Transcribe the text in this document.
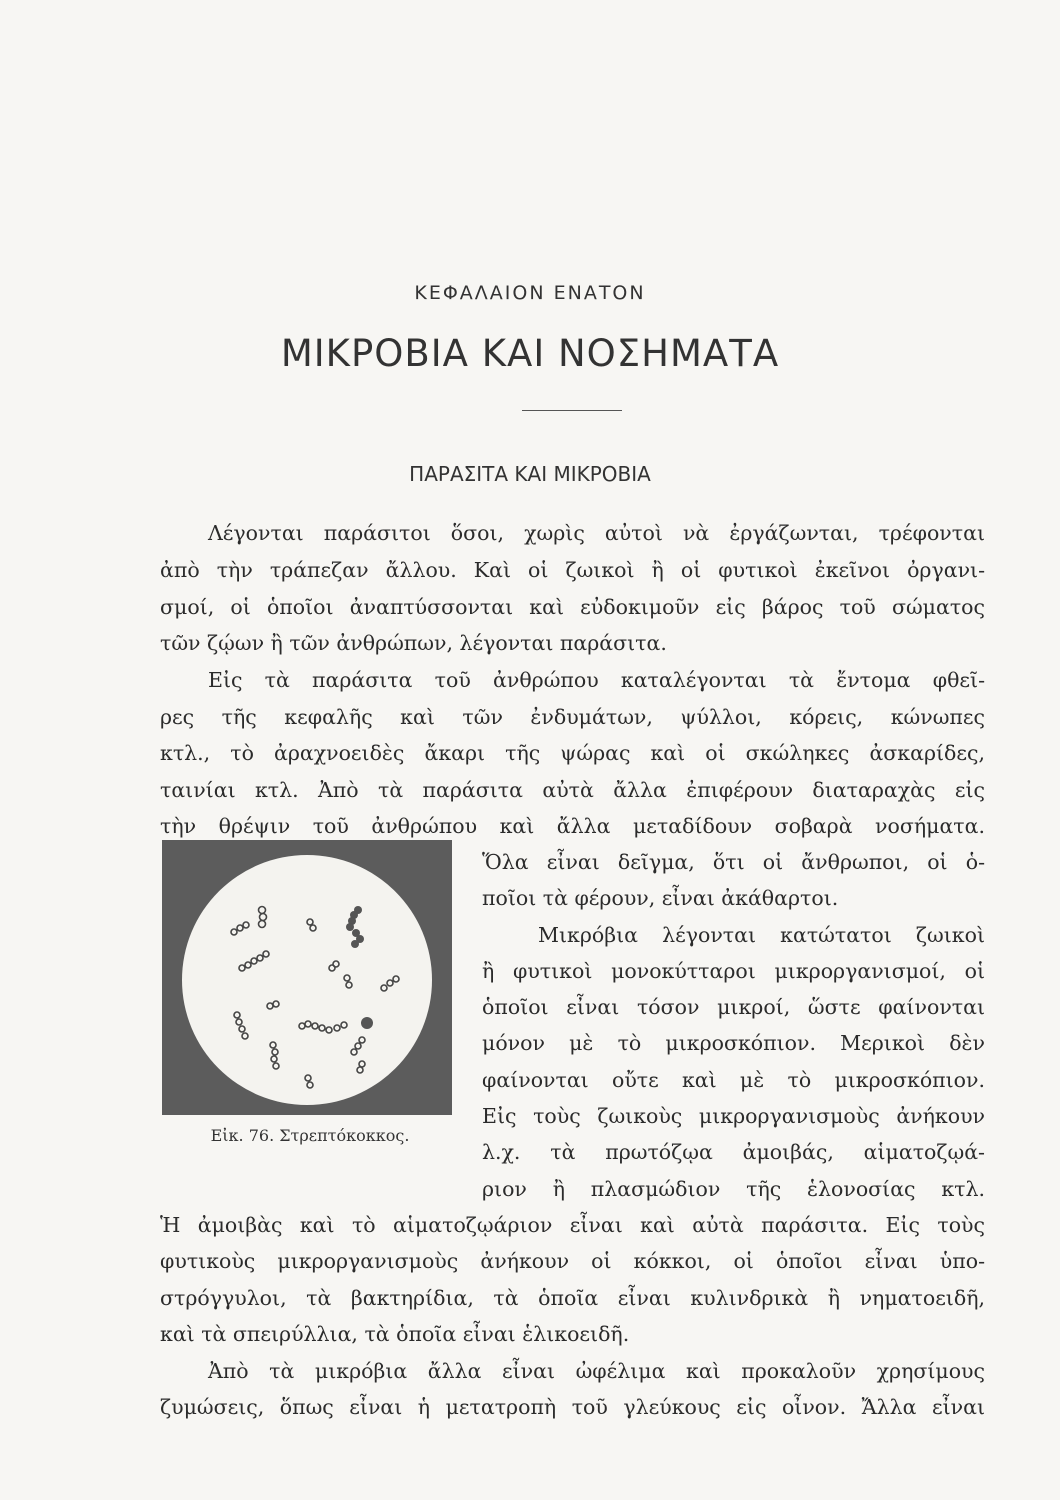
ΚΕΦΑΛΑΙΟΝ ΕΝΑΤΟΝ
ΜΙΚΡΟΒΙΑ ΚΑΙ ΝΟΣΗΜΑΤΑ
ΠΑΡΑΣΙΤΑ ΚΑΙ ΜΙΚΡΟΒΙΑ
Λέγονται παράσιτοι ὅσοι, χωρὶς αὐτοὶ νὰ ἐργάζωνται, τρέφονται
ἀπὸ τὴν τράπεζαν ἄλλου. Καὶ οἱ ζωικοὶ ἢ οἱ φυτικοὶ ἐκεῖνοι ὀργανι-
σμοί, οἱ ὁποῖοι ἀναπτύσσονται καὶ εὐδοκιμοῦν εἰς βάρος τοῦ σώματος
τῶν ζῴων ἢ τῶν ἀνθρώπων, λέγονται παράσιτα.
Εἰς τὰ παράσιτα τοῦ ἀνθρώπου καταλέγονται τὰ ἔντομα φθεῖ-
ρες τῆς κεφαλῆς καὶ τῶν ἐνδυμάτων, ψύλλοι, κόρεις, κώνωπες
κτλ., τὸ ἀραχνοειδὲς ἄκαρι τῆς ψώρας καὶ οἱ σκώληκες ἀσκαρίδες,
ταινίαι κτλ. Ἀπὸ τὰ παράσιτα αὐτὰ ἄλλα ἐπιφέρουν διαταραχὰς εἰς
τὴν θρέψιν τοῦ ἀνθρώπου καὶ ἄλλα μεταδίδουν σοβαρὰ νοσήματα.
Ὅλα εἶναι δεῖγμα, ὅτι οἱ ἄνθρωποι, οἱ ὁ-
ποῖοι τὰ φέρουν, εἶναι ἀκάθαρτοι.
Μικρόβια λέγονται κατώτατοι ζωικοὶ
ἢ φυτικοὶ μονοκύτταροι μικροργανισμοί, οἱ
ὁποῖοι εἶναι τόσον μικροί, ὥστε φαίνονται
μόνον μὲ τὸ μικροσκόπιον. Μερικοὶ δὲν
φαίνονται οὔτε καὶ μὲ τὸ μικροσκόπιον.
Εἰς τοὺς ζωικοὺς μικροργανισμοὺς ἀνήκουν
λ.χ. τὰ πρωτόζῳα ἀμοιβάς, αἱματοζῳά-
ριον ἢ πλασμώδιον τῆς ἑλονοσίας κτλ.
Ἡ ἀμοιβὰς καὶ τὸ αἱματοζῳάριον εἶναι καὶ αὐτὰ παράσιτα. Εἰς τοὺς
φυτικοὺς μικροργανισμοὺς ἀνήκουν οἱ κόκκοι, οἱ ὁποῖοι εἶναι ὑπο-
στρόγγυλοι, τὰ βακτηρίδια, τὰ ὁποῖα εἶναι κυλινδρικὰ ἢ νηματοειδῆ,
καὶ τὰ σπειρύλλια, τὰ ὁποῖα εἶναι ἑλικοειδῆ.
Ἀπὸ τὰ μικρόβια ἄλλα εἶναι ὠφέλιμα καὶ προκαλοῦν χρησίμους
ζυμώσεις, ὅπως εἶναι ἡ μετατροπὴ τοῦ γλεύκους εἰς οἶνον. Ἄλλα εἶναι
Εἰκ. 76. Στρεπτόκοκκος.
